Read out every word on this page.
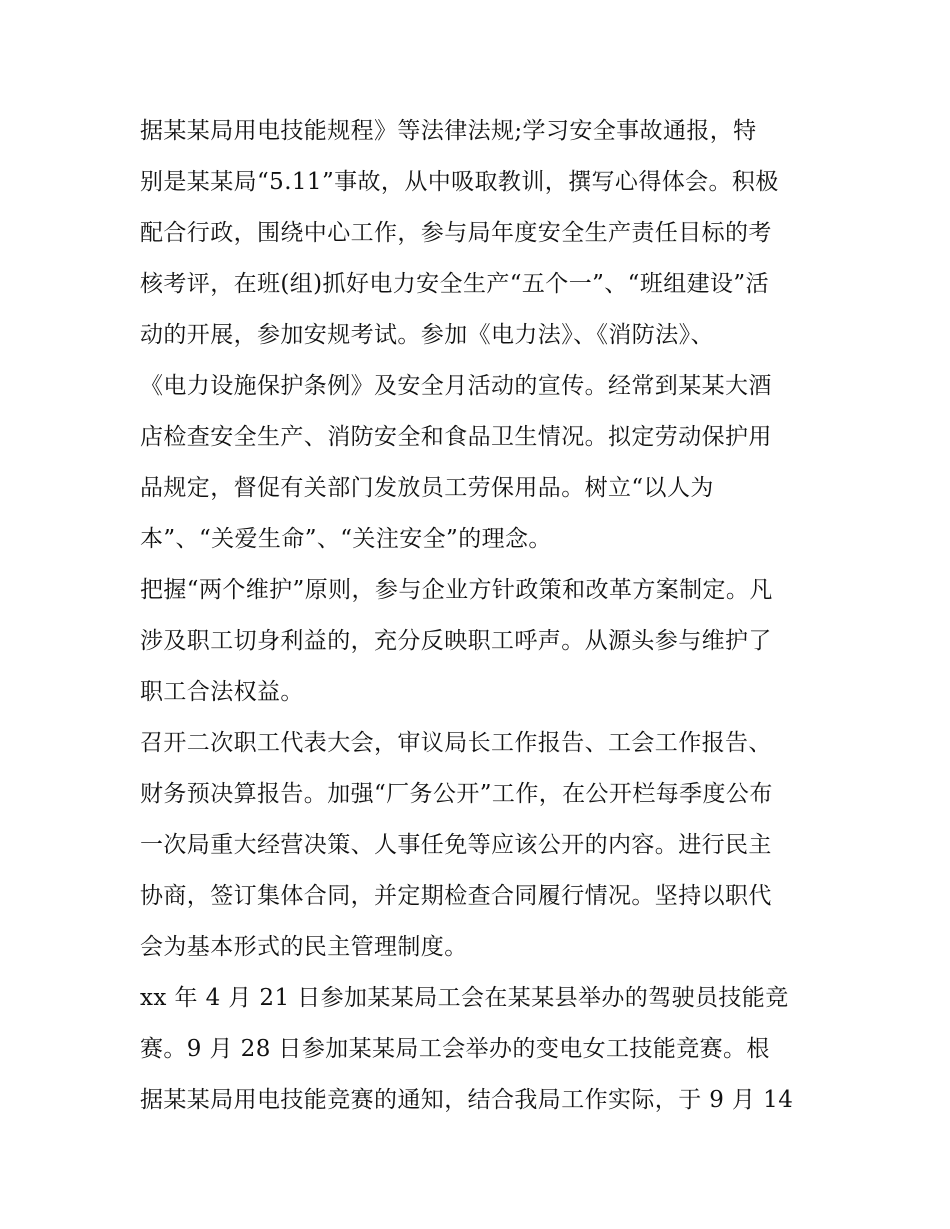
据某某局用电技能规程》等法律法规;学习安全事故通报，特
别是某某局“5.11”事故，从中吸取教训，撰写心得体会。积极
配合行政，围绕中心工作，参与局年度安全生产责任目标的考
核考评，在班(组)抓好电力安全生产“五个一”、“班组建设”活
动的开展，参加安规考试。参加《电力法》、《消防法》、
《电力设施保护条例》及安全月活动的宣传。经常到某某大酒
店检查安全生产、消防安全和食品卫生情况。拟定劳动保护用
品规定，督促有关部门发放员工劳保用品。树立“以人为
本”、“关爱生命”、“关注安全”的理念。
把握“两个维护”原则，参与企业方针政策和改革方案制定。凡
涉及职工切身利益的，充分反映职工呼声。从源头参与维护了
职工合法权益。
召开二次职工代表大会，审议局长工作报告、工会工作报告、
财务预决算报告。加强“厂务公开”工作，在公开栏每季度公布
一次局重大经营决策、人事任免等应该公开的内容。进行民主
协商，签订集体合同，并定期检查合同履行情况。坚持以职代
会为基本形式的民主管理制度。
xx 年 4 月 21 日参加某某局工会在某某县举办的驾驶员技能竞
赛。9 月 28 日参加某某局工会举办的变电女工技能竞赛。根
据某某局用电技能竞赛的通知，结合我局工作实际，于 9 月 14
